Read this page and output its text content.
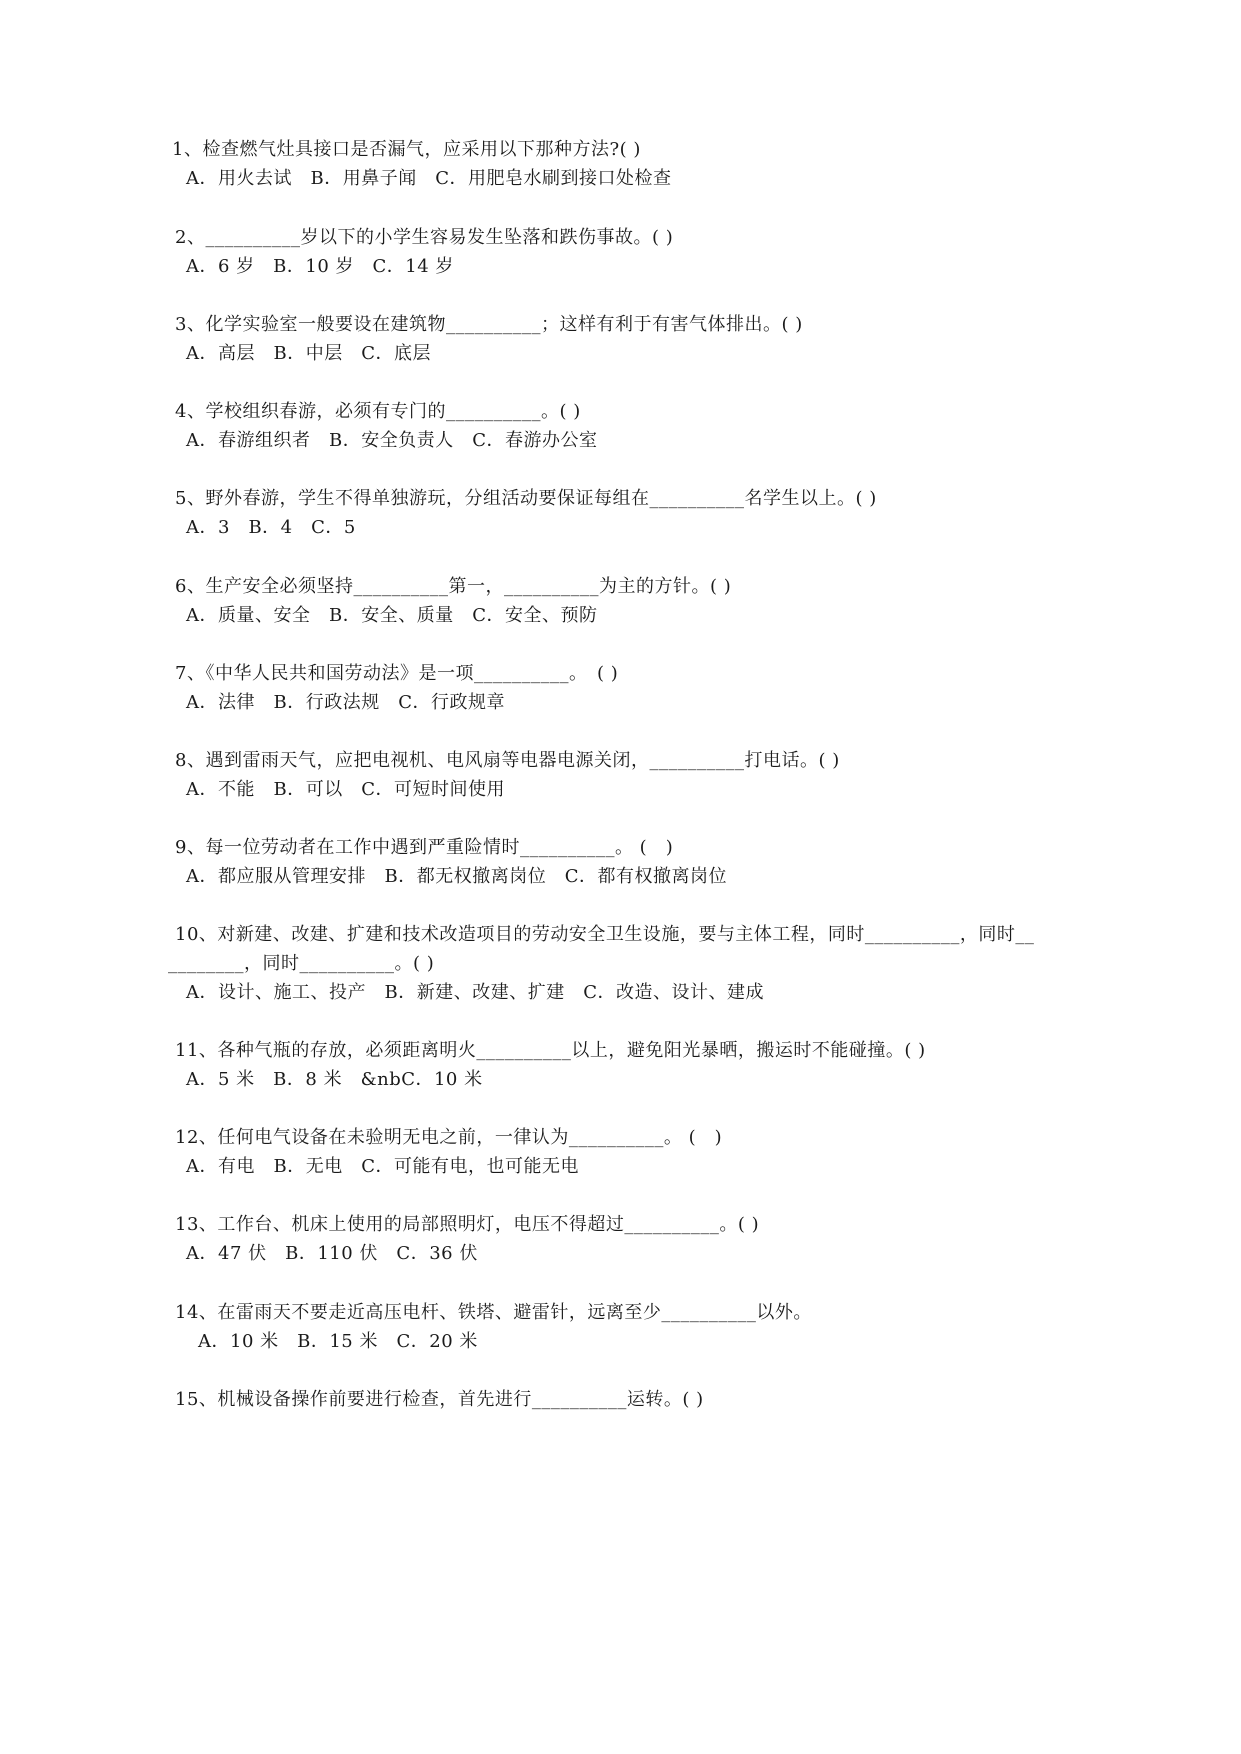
1、检查燃气灶具接口是否漏气，应采用以下那种方法?( )
A．用火去试　B．用鼻子闻　C．用肥皂水刷到接口处检查
2、__________岁以下的小学生容易发生坠落和跌伤事故。( )
A．6 岁　B．10 岁　C．14 岁
3、化学实验室一般要设在建筑物__________；这样有利于有害气体排出。( )
A．高层　B．中层　C．底层
4、学校组织春游，必须有专门的__________。( )
A．春游组织者　B．安全负责人　C．春游办公室
5、野外春游，学生不得单独游玩，分组活动要保证每组在__________名学生以上。( )
A．3　B．4　C．5
6、生产安全必须坚持__________第一，__________为主的方针。( )
A．质量、安全　B．安全、质量　C．安全、预防
7、《中华人民共和国劳动法》是一项__________。　( )
A．法律　B．行政法规　C．行政规章
8、遇到雷雨天气，应把电视机、电风扇等电器电源关闭，__________打电话。( )
A．不能　B．可以　C．可短时间使用
9、每一位劳动者在工作中遇到严重险情时__________。 (　)
A．都应服从管理安排　B．都无权撤离岗位　C．都有权撤离岗位
10、对新建、改建、扩建和技术改造项目的劳动安全卫生设施，要与主体工程，同时__________，同时__
________，同时__________。( )
A．设计、施工、投产　B．新建、改建、扩建　C．改造、设计、建成
11、各种气瓶的存放，必须距离明火__________以上，避免阳光暴晒，搬运时不能碰撞。( )
A．5 米　B．8 米　&nbC．10 米
12、任何电气设备在未验明无电之前，一律认为__________。 (　)
A．有电　B．无电　C．可能有电，也可能无电
13、工作台、机床上使用的局部照明灯，电压不得超过__________。( )
A．47 伏　B．110 伏　C．36 伏
14、在雷雨天不要走近高压电杆、铁塔、避雷针，远离至少__________以外。
A．10 米　B．15 米　C．20 米
15、机械设备操作前要进行检查，首先进行__________运转。( )
